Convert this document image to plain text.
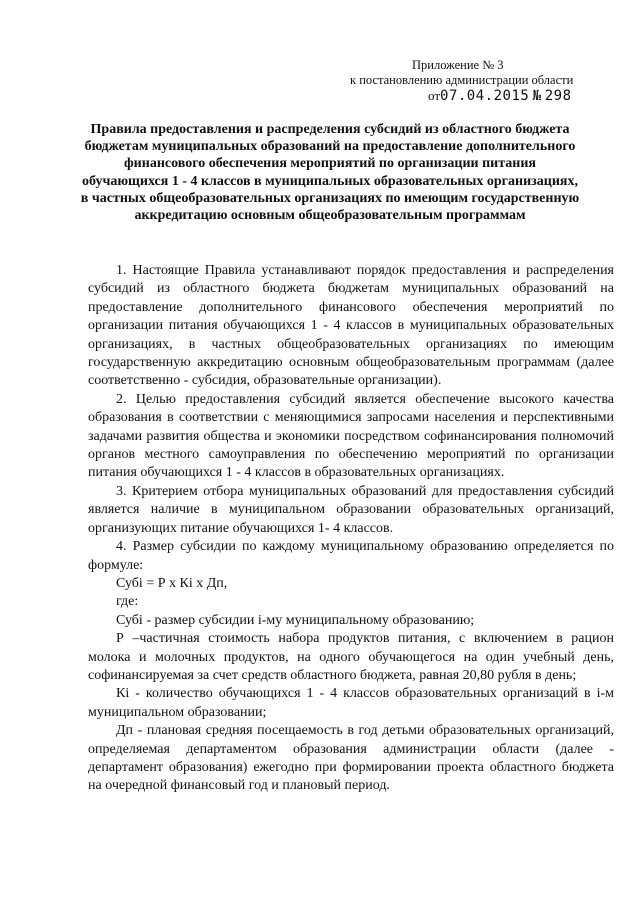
Приложение № 3
к постановлению администрации области
от07.04.2015 № 298
Правила предоставления и распределения субсидий из областного бюджета бюджетам муниципальных образований на предоставление дополнительного финансового обеспечения мероприятий по организации питания обучающихся 1 - 4 классов в муниципальных образовательных организациях, в частных общеобразовательных организациях по имеющим государственную аккредитацию основным общеобразовательным программам

1. Настоящие Правила устанавливают порядок предоставления и распределения субсидий из областного бюджета бюджетам муниципальных образований на предоставление дополнительного финансового обеспечения мероприятий по организации питания обучающихся 1 - 4 классов в муниципальных образовательных организациях, в частных общеобразовательных организациях по имеющим государственную аккредитацию основным общеобразовательным программам (далее соответственно - субсидия, образовательные организации).

2. Целью предоставления субсидий является обеспечение высокого качества образования в соответствии с меняющимися запросами населения и перспективными задачами развития общества и экономики посредством софинансирования полномочий органов местного самоуправления по обеспечению мероприятий по организации питания обучающихся 1 - 4 классов в образовательных организациях.

3. Критерием отбора муниципальных образований для предоставления субсидий является наличие в муниципальном образовании образовательных организаций, организующих питание обучающихся 1- 4 классов.

4. Размер субсидии по каждому муниципальному образованию определяется по формуле:

Субi = Р х Кi х Дп,

где:

Субi - размер субсидии i-му муниципальному образованию;

Р –частичная стоимость набора продуктов питания, с включением в рацион молока и молочных продуктов, на одного обучающегося на один учебный день, софинансируемая за счет средств областного бюджета, равная 20,80 рубля в день;

Кi - количество обучающихся 1 - 4 классов образовательных организаций в i-м муниципальном образовании;

Дп - плановая средняя посещаемость в год детьми образовательных организаций, определяемая департаментом образования администрации области (далее - департамент образования) ежегодно при формировании проекта областного бюджета на очередной финансовый год и плановый период.
